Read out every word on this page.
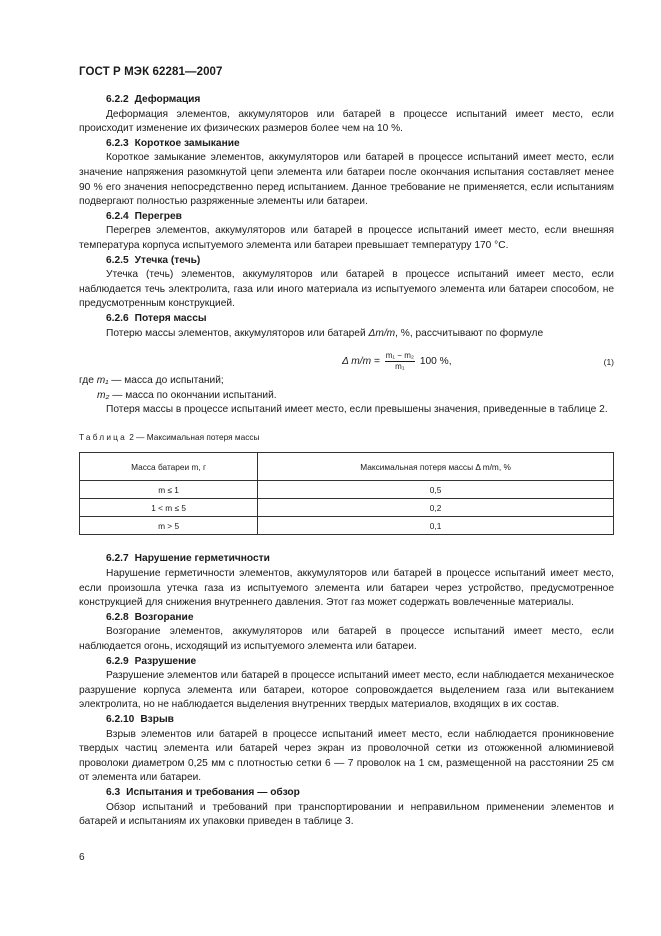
ГОСТ Р МЭК 62281—2007

6.2.2 Деформация

Деформация элементов, аккумуляторов или батарей в процессе испытаний имеет место, если происходит изменение их физических размеров более чем на 10 %.

6.2.3 Короткое замыкание

Короткое замыкание элементов, аккумуляторов или батарей в процессе испытаний имеет место, если значение напряжения разомкнутой цепи элемента или батареи после окончания испытания составляет менее 90 % его значения непосредственно перед испытанием. Данное требование не применяется, если испытаниям подвергают полностью разряженные элементы или батареи.

6.2.4 Перегрев

Перегрев элементов, аккумуляторов или батарей в процессе испытаний имеет место, если внешняя температура корпуса испытуемого элемента или батареи превышает температуру 170 °С.

6.2.5 Утечка (течь)

Утечка (течь) элементов, аккумуляторов или батарей в процессе испытаний имеет место, если наблюдается течь электролита, газа или иного материала из испытуемого элемента или батареи способом, не предусмотренным конструкцией.

6.2.6 Потеря массы

Потерю массы элементов, аккумуляторов или батарей Δm/m, %, рассчитывают по формуле

Δ $m/m = \frac{\text{m₁ − m₂}}{\text{m₁}} 100$ %,	(1)

где m₁ — масса до испытаний;

m₂ — масса по окончании испытаний.

Потеря массы в процессе испытаний имеет место, если превышены значения, приведенные в таблице 2.

Таблица 2 — Максимальная потеря массы

Масса батареи m, г	Максимальная потеря массы Δ m/m, %
m ≤ 1	0,5
1 < m ≤ 5	0,2
m > 5	0,1

6.2.7 Нарушение герметичности

Нарушение герметичности элементов, аккумуляторов или батарей в процессе испытаний имеет место, если произошла утечка газа из испытуемого элемента или батареи через устройство, предусмотренное конструкцией для снижения внутреннего давления. Этот газ может содержать вовлеченные материалы.

6.2.8 Возгорание

Возгорание элементов, аккумуляторов или батарей в процессе испытаний имеет место, если наблюдается огонь, исходящий из испытуемого элемента или батареи.

6.2.9 Разрушение

Разрушение элементов или батарей в процессе испытаний имеет место, если наблюдается механическое разрушение корпуса элемента или батареи, которое сопровождается выделением газа или вытеканием электролита, но не наблюдается выделения внутренних твердых материалов, входящих в их состав.

6.2.10 Взрыв

Взрыв элементов или батарей в процессе испытаний имеет место, если наблюдается проникновение твердых частиц элемента или батарей через экран из проволочной сетки из отожженной алюминиевой проволоки диаметром 0,25 мм с плотностью сетки 6 — 7 проволок на 1 см, размещенной на расстоянии 25 см от элемента или батареи.

6.3 Испытания и требования — обзор

Обзор испытаний и требований при транспортировании и неправильном применении элементов и батарей и испытаниям их упаковки приведен в таблице 3.

6
